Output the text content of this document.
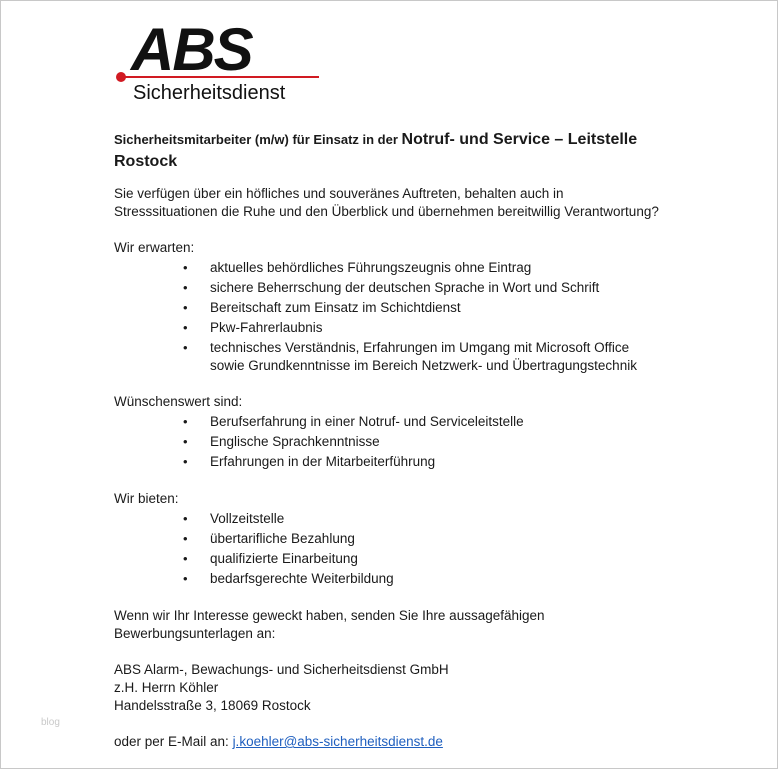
ABS
Sicherheitsdienst
Sicherheitsmitarbeiter (m/w) für Einsatz in der Notruf- und Service – Leitstelle
Rostock

Sie verfügen über ein höfliches und souveränes Auftreten, behalten auch in

Stresssituationen die Ruhe und den Überblick und übernehmen bereitwillig Verantwortung?

Wir erwarten:
• aktuelles behördliches Führungszeugnis ohne Eintrag
• sichere Beherrschung der deutschen Sprache in Wort und Schrift
• Bereitschaft zum Einsatz im Schichtdienst
• Pkw-Fahrerlaubnis
• technisches Verständnis, Erfahrungen im Umgang mit Microsoft Office
sowie Grundkenntnisse im Bereich Netzwerk- und Übertragungstechnik
Wünschenswert sind:
• Berufserfahrung in einer Notruf- und Serviceleitstelle
• Englische Sprachkenntnisse
• Erfahrungen in der Mitarbeiterführung
Wir bieten:
• Vollzeitstelle
• übertarifliche Bezahlung
• qualifizierte Einarbeitung
• bedarfsgerechte Weiterbildung

Wenn wir Ihr Interesse geweckt haben, senden Sie Ihre aussagefähigen

Bewerbungsunterlagen an:

ABS Alarm-, Bewachungs- und Sicherheitsdienst GmbH

z.H. Herrn Köhler

Handelsstraße 3, 18069 Rostock

oder per E-Mail an: j.koehler@abs-sicherheitsdienst.de
blog
